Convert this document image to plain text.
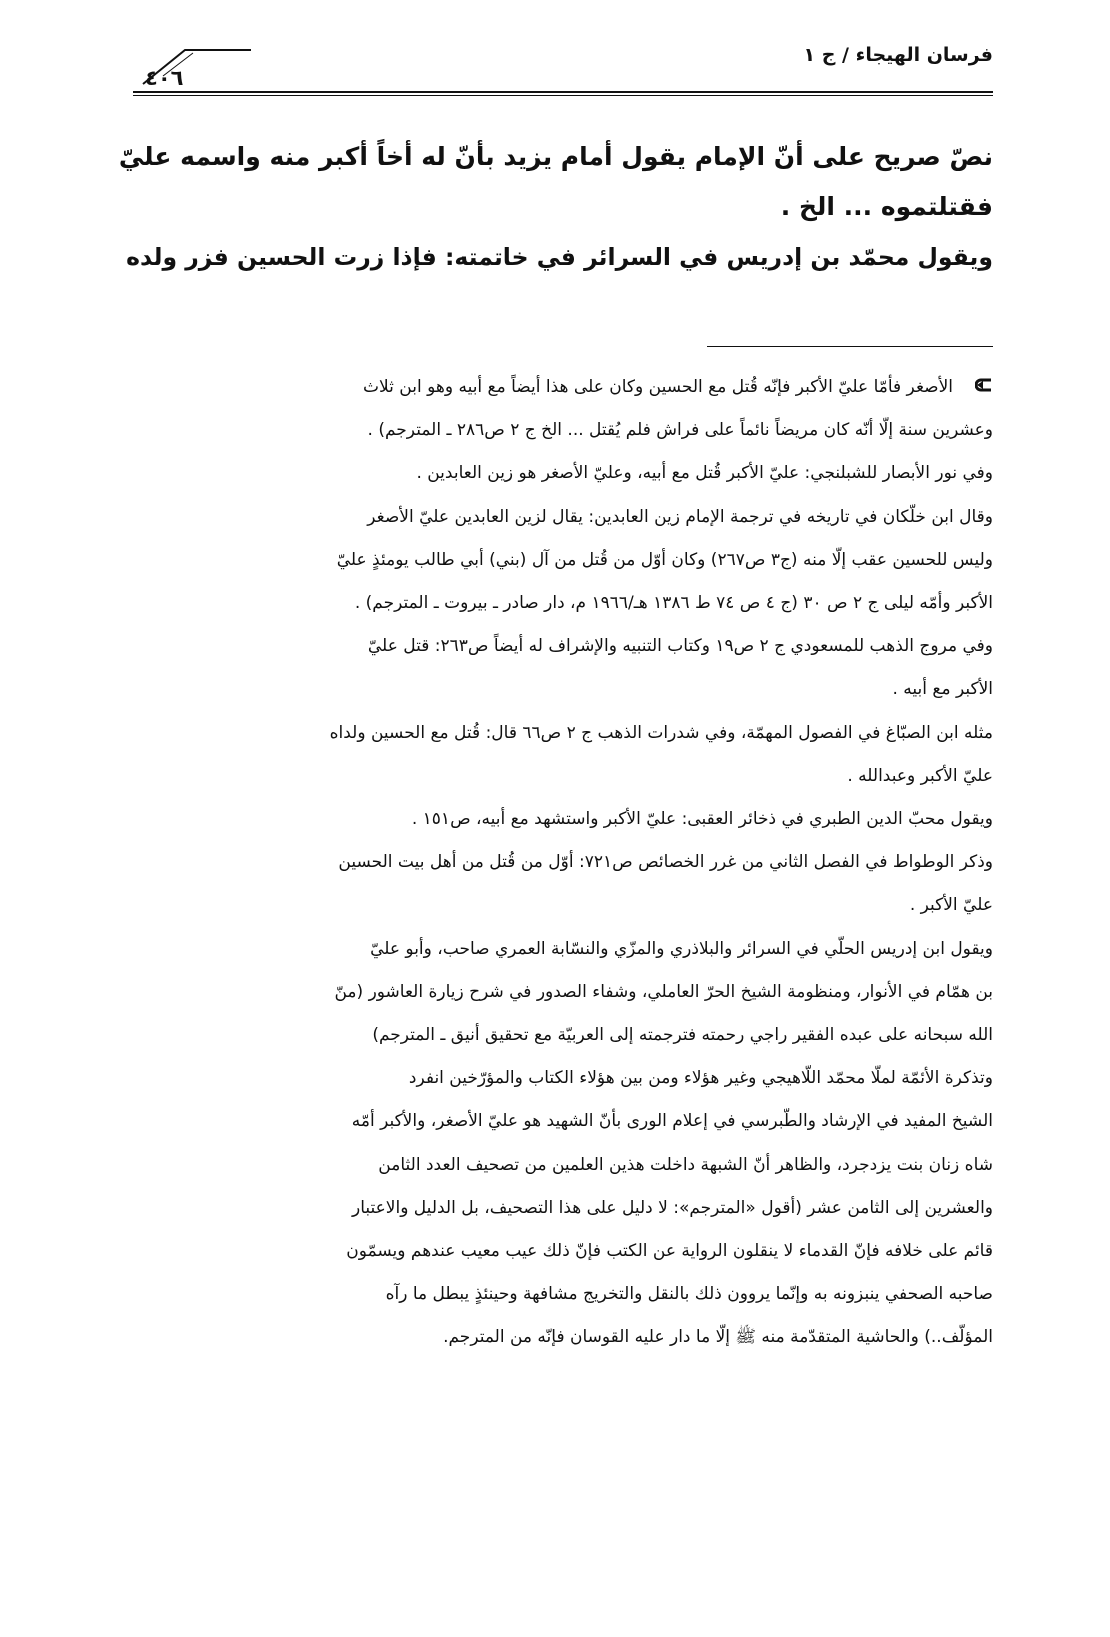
فرسان الهيجاء / ج ١
٤٠٦

نصّ صريح على أنّ الإمام يقول أمام يزيد بأنّ له أخاً أكبر منه واسمه عليّ

فقتلتموه ... الخ .

ويقول محمّد بن إدريس في السرائر في خاتمته: فإذا زرت الحسين فزر ولده

الأصغر فأمّا عليّ الأكبر فإنّه قُتل مع الحسين وكان على هذا أيضاً مع أبيه وهو ابن ثلاث
وعشرين سنة إلّا أنّه كان مريضاً نائماً على فراش فلم يُقتل ... الخ ج ٢ ص٢٨٦ ـ المترجم) .
وفي نور الأبصار للشبلنجي: عليّ الأكبر قُتل مع أبيه، وعليّ الأصغر هو زين العابدين .
وقال ابن خلّكان في تاريخه في ترجمة الإمام زين العابدين: يقال لزين العابدين عليّ الأصغر
وليس للحسين عقب إلّا منه (ج٣ ص٢٦٧) وكان أوّل من قُتل من آل (بني) أبي طالب يومئذٍ عليّ
الأكبر وأمّه ليلى ج ٢ ص ٣٠ (ج ٤ ص ٧٤ ط ١٣٨٦ هـ/١٩٦٦ م، دار صادر ـ بيروت ـ المترجم) .
وفي مروج الذهب للمسعودي ج ٢ ص١٩ وكتاب التنبيه والإشراف له أيضاً ص٢٦٣: قتل عليّ
الأكبر مع أبيه .
مثله ابن الصبّاغ في الفصول المهمّة، وفي شدرات الذهب ج ٢ ص٦٦ قال: قُتل مع الحسين ولداه
عليّ الأكبر وعبدالله .
ويقول محبّ الدين الطبري في ذخائر العقبى: عليّ الأكبر واستشهد مع أبيه، ص١٥١ .
وذكر الوطواط في الفصل الثاني من غرر الخصائص ص٧٢١: أوّل من قُتل من أهل بيت الحسين
عليّ الأكبر .
ويقول ابن إدريس الحلّي في السرائر والبلاذري والمزّي والنسّابة العمري صاحب، وأبو عليّ
بن همّام في الأنوار، ومنظومة الشيخ الحرّ العاملي، وشفاء الصدور في شرح زيارة العاشور (منّ
الله سبحانه على عبده الفقير راجي رحمته فترجمته إلى العربيّة مع تحقيق أنيق ـ المترجم)
وتذكرة الأئمّة لملّا محمّد اللّاهيجي وغير هؤلاء ومن بين هؤلاء الكتاب والمؤرّخين انفرد
الشيخ المفيد في الإرشاد والطّبرسي في إعلام الورى بأنّ الشهيد هو عليّ الأصغر، والأكبر أمّه
شاه زنان بنت يزدجرد، والظاهر أنّ الشبهة داخلت هذين العلمين من تصحيف العدد الثامن
والعشرين إلى الثامن عشر (أقول «المترجم»: لا دليل على هذا التصحيف، بل الدليل والاعتبار
قائم على خلافه فإنّ القدماء لا ينقلون الرواية عن الكتب فإنّ ذلك عيب معيب عندهم ويسمّون
صاحبه الصحفي ينبزونه به وإنّما يروون ذلك بالنقل والتخريج مشافهة وحينئذٍ يبطل ما رآه
المؤلّف..) والحاشية المتقدّمة منه ﷺ إلّا ما دار عليه القوسان فإنّه من المترجم.
